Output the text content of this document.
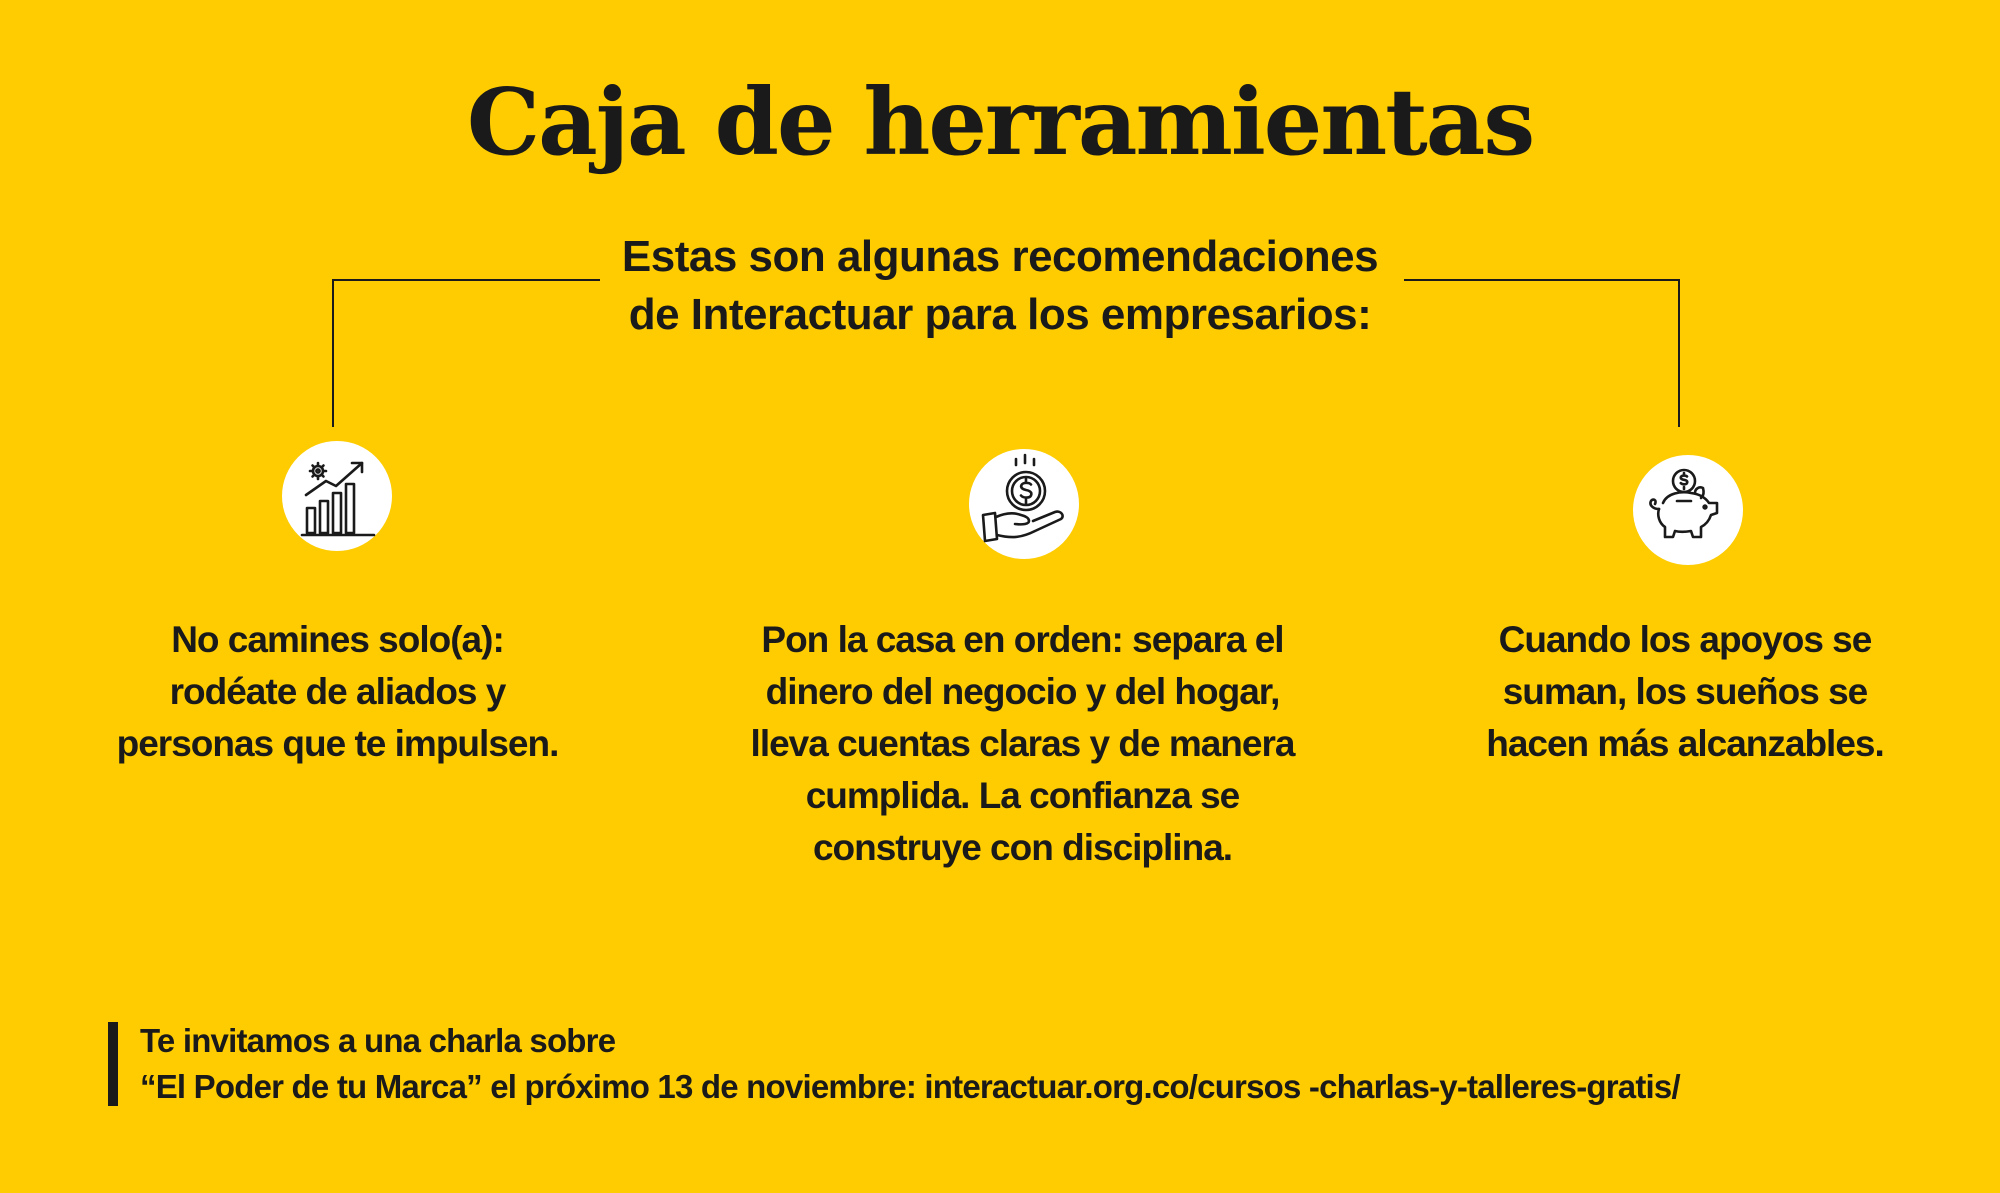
Caja de herramientas
Estas son algunas recomendaciones
de Interactuar para los empresarios:
No camines solo(a):
rodéate de aliados y
personas que te impulsen.
Pon la casa en orden: separa el
dinero del negocio y del hogar,
lleva cuentas claras y de manera
cumplida. La confianza se
construye con disciplina.
Cuando los apoyos se
suman, los sueños se
hacen más alcanzables.
Te invitamos a una charla sobre
“El Poder de tu Marca” el próximo 13 de noviembre: interactuar.org.co/cursos -charlas-y-talleres-gratis/
